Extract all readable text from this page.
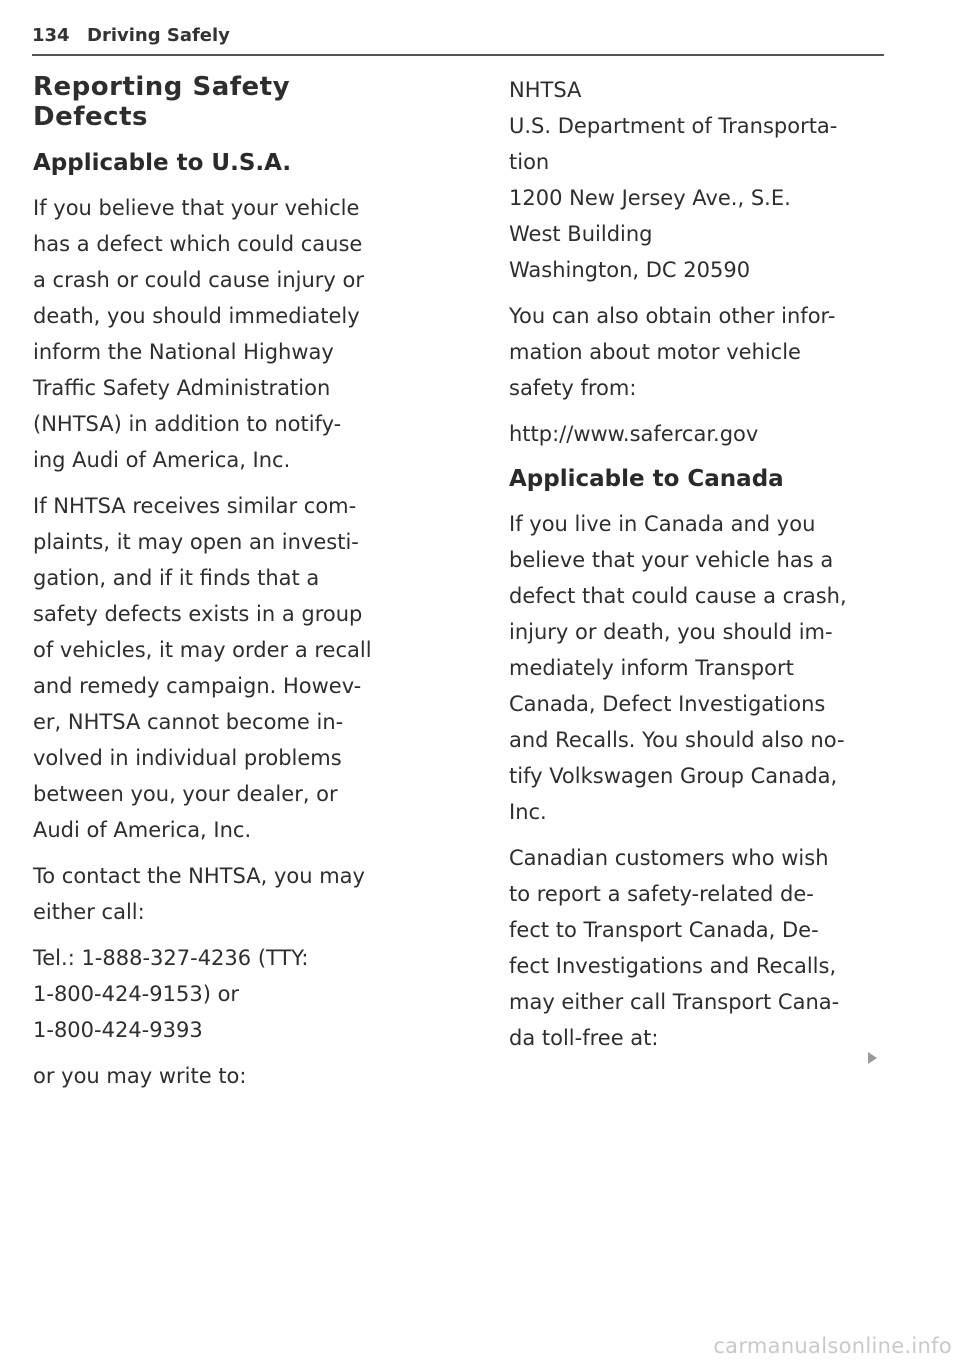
134 Driving Safely
Reporting Safety
Defects
Applicable to U.S.A.
If you believe that your vehicle
has a defect which could cause
a crash or could cause injury or
death, you should immediately
inform the National Highway
Traffic Safety Administration
(NHTSA) in addition to notify-
ing Audi of America, Inc.
If NHTSA receives similar com-
plaints, it may open an investi-
gation, and if it finds that a
safety defects exists in a group
of vehicles, it may order a recall
and remedy campaign. Howev-
er, NHTSA cannot become in-
volved in individual problems
between you, your dealer, or
Audi of America, Inc.
To contact the NHTSA, you may
either call:
Tel.: 1-888-327-4236 (TTY:
1-800-424-9153) or
1-800-424-9393
or you may write to:
NHTSA
U.S. Department of Transporta-
tion
1200 New Jersey Ave., S.E.
West Building
Washington, DC 20590
You can also obtain other infor-
mation about motor vehicle
safety from:
http://www.safercar.gov
Applicable to Canada
If you live in Canada and you
believe that your vehicle has a
defect that could cause a crash,
injury or death, you should im-
mediately inform Transport
Canada, Defect Investigations
and Recalls. You should also no-
tify Volkswagen Group Canada,
Inc.
Canadian customers who wish
to report a safety-related de-
fect to Transport Canada, De-
fect Investigations and Recalls,
may either call Transport Cana-
da toll-free at:
carmanualsonline.info
